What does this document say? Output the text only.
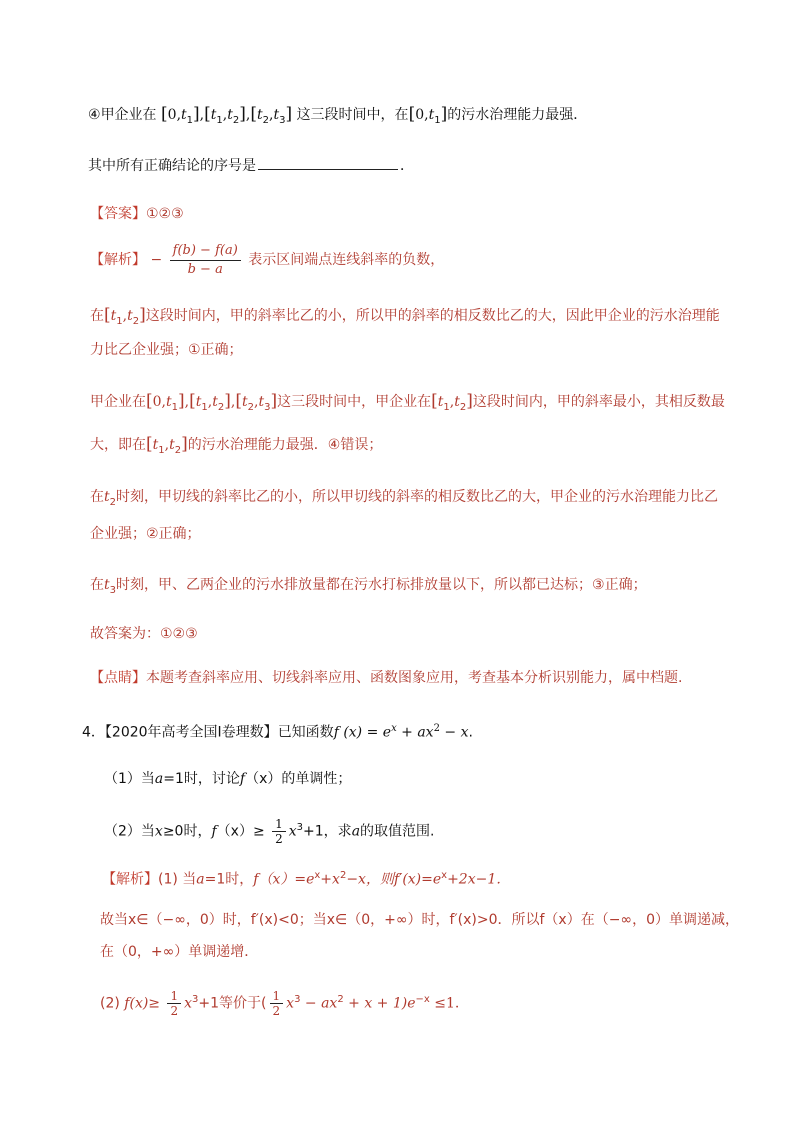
④甲企业在 $[0,t_1],[t_1,t_2],[t_2,t_3]$ 这三段时间中，在$[0,t_1]$的污水治理能力最强．
其中所有正确结论的序号是	．
【答案】①②③
【解析】 − $\frac{f(b) - f(a)}{b - a}$ 表示区间端点连线斜率的负数，
在$[t_1,t_2]$这段时间内，甲的斜率比乙的小，所以甲的斜率的相反数比乙的大，因此甲企业的污水治理能
力比乙企业强；①正确；
甲企业在$[0,t_1],[t_1,t_2],[t_2,t_3]$这三段时间中，甲企业在$[t_1,t_2]$这段时间内，甲的斜率最小，其相反数最
大，即在$[t_1,t_2]$的污水治理能力最强．④错误；
在$t_2$时刻，甲切线的斜率比乙的小，所以甲切线的斜率的相反数比乙的大，甲企业的污水治理能力比乙
企业强；②正确；
在$t_3$时刻，甲、乙两企业的污水排放量都在污水打标排放量以下，所以都已达标；③正确；
故答案为：①②③
【点睛】本题考查斜率应用、切线斜率应用、函数图象应用，考查基本分析识别能力，属中档题.
4．【2020年高考全国Ⅰ卷理数】已知函数f $(x) = e^x + ax^2 - x$.
（1）当a=1时，讨论f（x）的单调性；
（2）当x≥0时，$f(x)\ge \frac{1}{2} x^3+1$，求a的取值范围.
【解析】(1) 当a=1时，$f(x)=e^x+x^2-x$，则$f'(x)=e^x+2x-1$．
故当x∈（−∞，0）时，f′(x)<0；当x∈（0，+∞）时，f′(x)>0．所以f（x）在（−∞，0）单调递减，
在（0，+∞）单调递增．
(2) $f(x)\ge \frac{1}{2} x^3+1$等价于( $\frac{1}{2} x^3 - ax^2 + x + 1)e^{-x} \le 1$.
